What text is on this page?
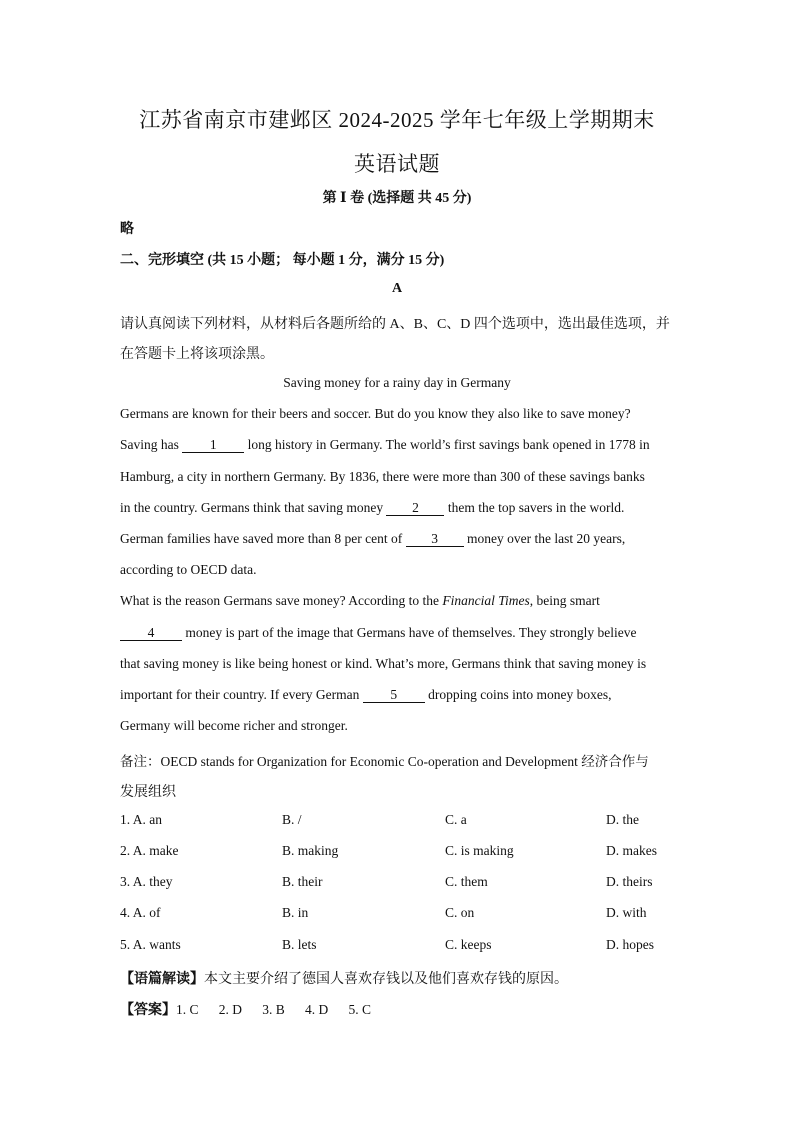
江苏省南京市建邺区 2024-2025 学年七年级上学期期末
英语试题
第 Ⅰ 卷 (选择题 共 45 分)
略
二、完形填空 (共 15 小题； 每小题 1 分，满分 15 分)
A
请认真阅读下列材料，从材料后各题所给的 A、B、C、D 四个选项中，选出最佳选项，并
在答题卡上将该项涂黑。
Saving money for a rainy day in Germany
Germans are known for their beers and soccer. But do you know they also like to save money?
Saving has 1 long history in Germany. The world’s first savings bank opened in 1778 in
Hamburg, a city in northern Germany. By 1836, there were more than 300 of these savings banks
in the country. Germans think that saving money 2 them the top savers in the world.
German families have saved more than 8 per cent of 3 money over the last 20 years,
according to OECD data.
What is the reason Germans save money? According to the Financial Times, being smart
4 money is part of the image that Germans have of themselves. They strongly believe
that saving money is like being honest or kind. What’s more, Germans think that saving money is
important for their country. If every German 5 dropping coins into money boxes,
Germany will become richer and stronger.
备注：OECD stands for Organization for Economic Co-operation and Development 经济合作与
发展组织
1. A. an	B. /	C. a	D. the
2. A. make	B. making	C. is making	D. makes
3. A. they	B. their	C. them	D. theirs
4. A. of	B. in	C. on	D. with
5. A. wants	B. lets	C. keeps	D. hopes
【语篇解读】本文主要介绍了德国人喜欢存钱以及他们喜欢存钱的原因。
【答案】1. C      2. D      3. B      4. D      5. C
